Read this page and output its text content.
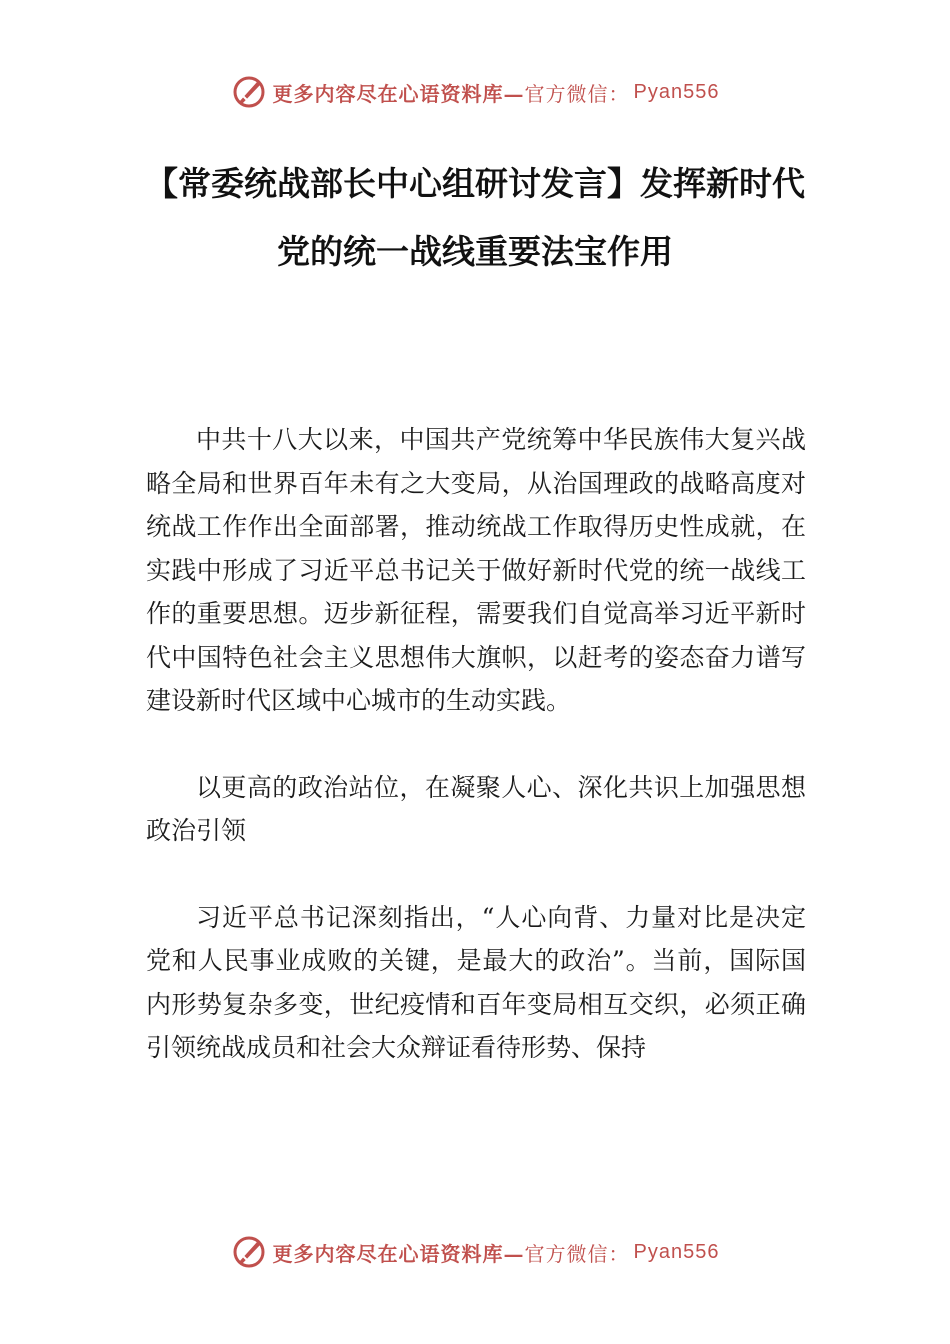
更多内容尽在心语资料库— 官方微信： Pyan556
【常委统战部长中心组研讨发言】发挥新时代党的统一战线重要法宝作用

中共十八大以来，中国共产党统筹中华民族伟大复兴战略全局和世界百年未有之大变局，从治国理政的战略高度对统战工作作出全面部署，推动统战工作取得历史性成就，在实践中形成了习近平总书记关于做好新时代党的统一战线工作的重要思想。迈步新征程，需要我们自觉高举习近平新时代中国特色社会主义思想伟大旗帜，以赶考的姿态奋力谱写建设新时代区域中心城市的生动实践。

以更高的政治站位，在凝聚人心、深化共识上加强思想政治引领

习近平总书记深刻指出，“人心向背、力量对比是决定党和人民事业成败的关键，是最大的政治”。当前，国际国内形势复杂多变，世纪疫情和百年变局相互交织，必须正确引领统战成员和社会大众辩证看待形势、保持

更多内容尽在心语资料库— 官方微信： Pyan556
